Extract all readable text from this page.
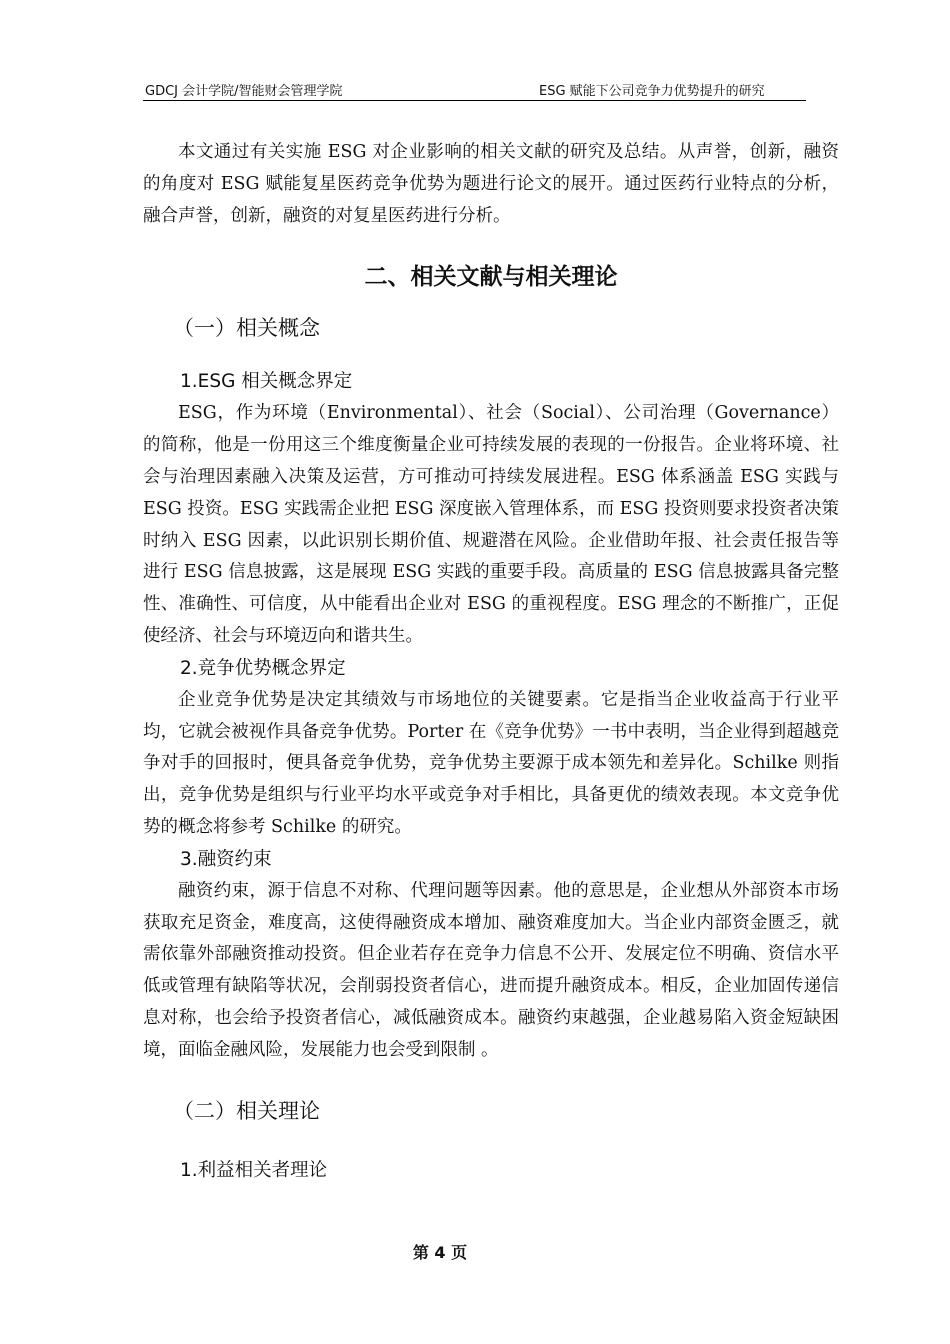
GDCJ 会计学院/智能财会管理学院	ESG 赋能下公司竞争力优势提升的研究

本文通过有关实施 ESG 对企业影响的相关文献的研究及总结。从声誉，创新，融资的角度对 ESG 赋能复星医药竞争优势为题进行论文的展开。通过医药行业特点的分析，融合声誉，创新，融资的对复星医药进行分析。

二、相关文献与相关理论
（一）相关概念
1.ESG 相关概念界定

ESG，作为环境（Environmental）、社会（Social）、公司治理（Governance）的简称，他是一份用这三个维度衡量企业可持续发展的表现的一份报告。企业将环境、社会与治理因素融入决策及运营，方可推动可持续发展进程。ESG 体系涵盖 ESG 实践与 ESG 投资。ESG 实践需企业把 ESG 深度嵌入管理体系，而 ESG 投资则要求投资者决策时纳入 ESG 因素，以此识别长期价值、规避潜在风险。企业借助年报、社会责任报告等进行 ESG 信息披露，这是展现 ESG 实践的重要手段。高质量的 ESG 信息披露具备完整性、准确性、可信度，从中能看出企业对 ESG 的重视程度。ESG 理念的不断推广，正促使经济、社会与环境迈向和谐共生。

2.竞争优势概念界定

企业竞争优势是决定其绩效与市场地位的关键要素。它是指当企业收益高于行业平均，它就会被视作具备竞争优势。Porter 在《竞争优势》一书中表明，当企业得到超越竞争对手的回报时，便具备竞争优势，竞争优势主要源于成本领先和差异化。Schilke 则指出，竞争优势是组织与行业平均水平或竞争对手相比，具备更优的绩效表现。本文竞争优势的概念将参考 Schilke 的研究。

3.融资约束

融资约束，源于信息不对称、代理问题等因素。他的意思是，企业想从外部资本市场获取充足资金，难度高，这使得融资成本增加、融资难度加大。当企业内部资金匮乏，就需依靠外部融资推动投资。但企业若存在竞争力信息不公开、发展定位不明确、资信水平低或管理有缺陷等状况，会削弱投资者信心，进而提升融资成本。相反，企业加固传递信息对称，也会给予投资者信心，减低融资成本。融资约束越强，企业越易陷入资金短缺困境，面临金融风险，发展能力也会受到限制 。

（二）相关理论
1.利益相关者理论
第 4 页
